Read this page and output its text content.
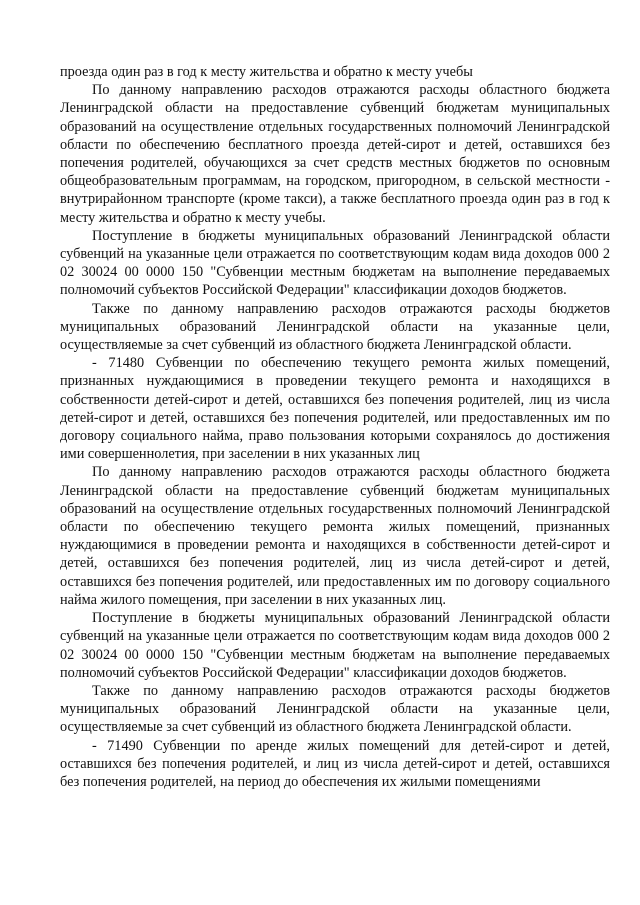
проезда один раз в год к месту жительства и обратно к месту учебы

По данному направлению расходов отражаются расходы областного бюджета Ленинградской области на предоставление субвенций бюджетам муниципальных образований на осуществление отдельных государственных полномочий Ленинградской области по обеспечению бесплатного проезда детей-сирот и детей, оставшихся без попечения родителей, обучающихся за счет средств местных бюджетов по основным общеобразовательным программам, на городском, пригородном, в сельской местности - внутрирайонном транспорте (кроме такси), а также бесплатного проезда один раз в год к месту жительства и обратно к месту учебы.

Поступление в бюджеты муниципальных образований Ленинградской области субвенций на указанные цели отражается по соответствующим кодам вида доходов 000 2 02 30024 00 0000 150 "Субвенции местным бюджетам на выполнение передаваемых полномочий субъектов Российской Федерации" классификации доходов бюджетов.

Также по данному направлению расходов отражаются расходы бюджетов муниципальных образований Ленинградской области на указанные цели, осуществляемые за счет субвенций из областного бюджета Ленинградской области.

- 71480 Субвенции по обеспечению текущего ремонта жилых помещений, признанных нуждающимися в проведении текущего ремонта и находящихся в собственности детей-сирот и детей, оставшихся без попечения родителей, лиц из числа детей-сирот и детей, оставшихся без попечения родителей, или предоставленных им по договору социального найма, право пользования которыми сохранялось до достижения ими совершеннолетия, при заселении в них указанных лиц

По данному направлению расходов отражаются расходы областного бюджета Ленинградской области на предоставление субвенций бюджетам муниципальных образований на осуществление отдельных государственных полномочий Ленинградской области по обеспечению текущего ремонта жилых помещений, признанных нуждающимися в проведении ремонта и находящихся в собственности детей-сирот и детей, оставшихся без попечения родителей, лиц из числа детей-сирот и детей, оставшихся без попечения родителей, или предоставленных им по договору социального найма жилого помещения, при заселении в них указанных лиц.

Поступление в бюджеты муниципальных образований Ленинградской области субвенций на указанные цели отражается по соответствующим кодам вида доходов 000 2 02 30024 00 0000 150 "Субвенции местным бюджетам на выполнение передаваемых полномочий субъектов Российской Федерации" классификации доходов бюджетов.

Также по данному направлению расходов отражаются расходы бюджетов муниципальных образований Ленинградской области на указанные цели, осуществляемые за счет субвенций из областного бюджета Ленинградской области.

- 71490 Субвенции по аренде жилых помещений для детей-сирот и детей, оставшихся без попечения родителей, и лиц из числа детей-сирот и детей, оставшихся без попечения родителей, на период до обеспечения их жилыми помещениями
